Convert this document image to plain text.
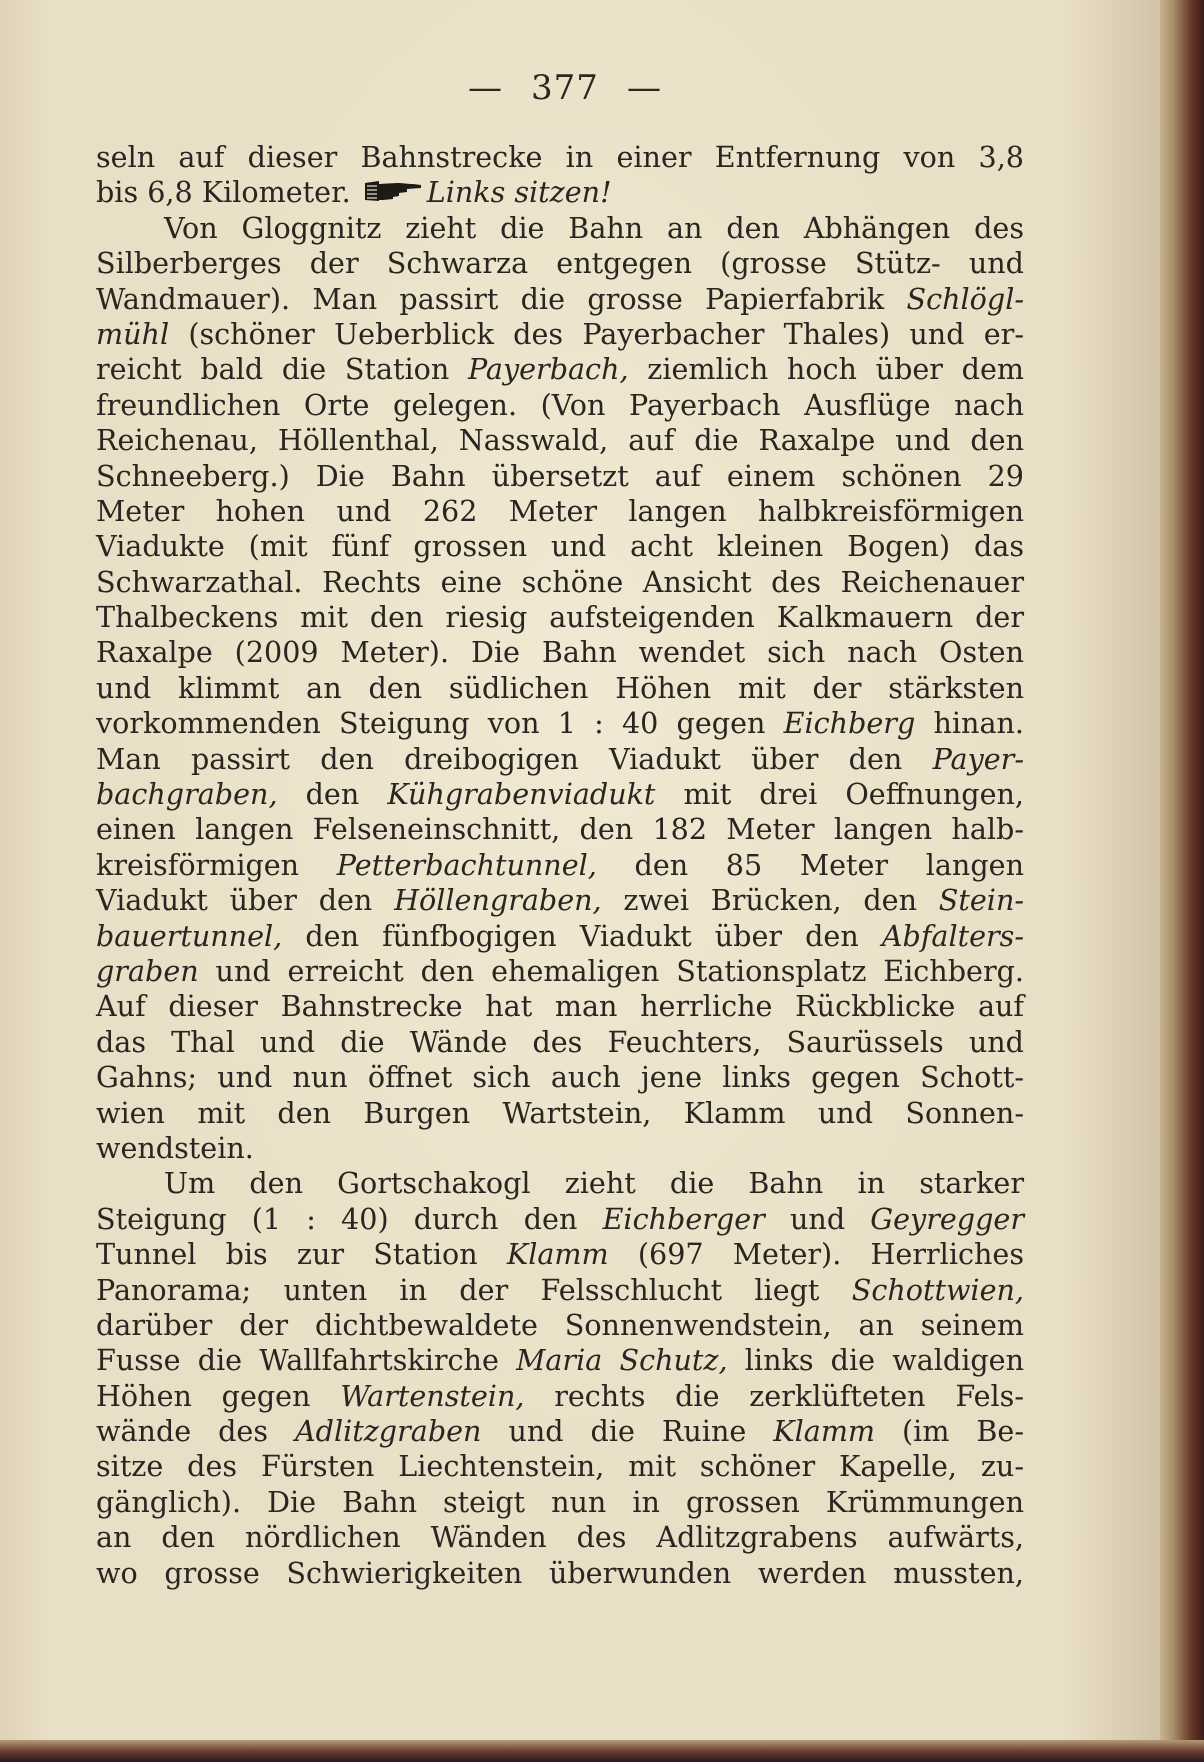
— 377 —
seln auf dieser Bahnstrecke in einer Entfernung von 3,8
bis 6,8 Kilometer.	Links sitzen!
Von Gloggnitz zieht die Bahn an den Abhängen des
Silberberges der Schwarza entgegen (grosse Stütz- und
Wandmauer). Man passirt die grosse Papierfabrik Schlögl-
mühl (schöner Ueberblick des Payerbacher Thales) und er-
reicht bald die Station Payerbach, ziemlich hoch über dem
freundlichen Orte gelegen. (Von Payerbach Ausflüge nach
Reichenau, Höllenthal, Nasswald, auf die Raxalpe und den
Schneeberg.) Die Bahn übersetzt auf einem schönen 29
Meter hohen und 262 Meter langen halbkreisförmigen
Viadukte (mit fünf grossen und acht kleinen Bogen) das
Schwarzathal. Rechts eine schöne Ansicht des Reichenauer
Thalbeckens mit den riesig aufsteigenden Kalkmauern der
Raxalpe (2009 Meter). Die Bahn wendet sich nach Osten
und klimmt an den südlichen Höhen mit der stärksten
vorkommenden Steigung von 1 : 40 gegen Eichberg hinan.
Man passirt den dreibogigen Viadukt über den Payer-
bachgraben, den Kühgrabenviadukt mit drei Oeffnungen,
einen langen Felseneinschnitt, den 182 Meter langen halb-
kreisförmigen Petterbachtunnel, den 85 Meter langen
Viadukt über den Höllengraben, zwei Brücken, den Stein-
bauertunnel, den fünfbogigen Viadukt über den Abfalters-
graben und erreicht den ehemaligen Stationsplatz Eichberg.
Auf dieser Bahnstrecke hat man herrliche Rückblicke auf
das Thal und die Wände des Feuchters, Saurüssels und
Gahns; und nun öffnet sich auch jene links gegen Schott-
wien mit den Burgen Wartstein, Klamm und Sonnen-
wendstein.
Um den Gortschakogl zieht die Bahn in starker
Steigung (1 : 40) durch den Eichberger und Geyregger
Tunnel bis zur Station Klamm (697 Meter). Herrliches
Panorama; unten in der Felsschlucht liegt Schottwien,
darüber der dichtbewaldete Sonnenwendstein, an seinem
Fusse die Wallfahrtskirche Maria Schutz, links die waldigen
Höhen gegen Wartenstein, rechts die zerklüfteten Fels-
wände des Adlitzgraben und die Ruine Klamm (im Be-
sitze des Fürsten Liechtenstein, mit schöner Kapelle, zu-
gänglich). Die Bahn steigt nun in grossen Krümmungen
an den nördlichen Wänden des Adlitzgrabens aufwärts,
wo grosse Schwierigkeiten überwunden werden mussten,
